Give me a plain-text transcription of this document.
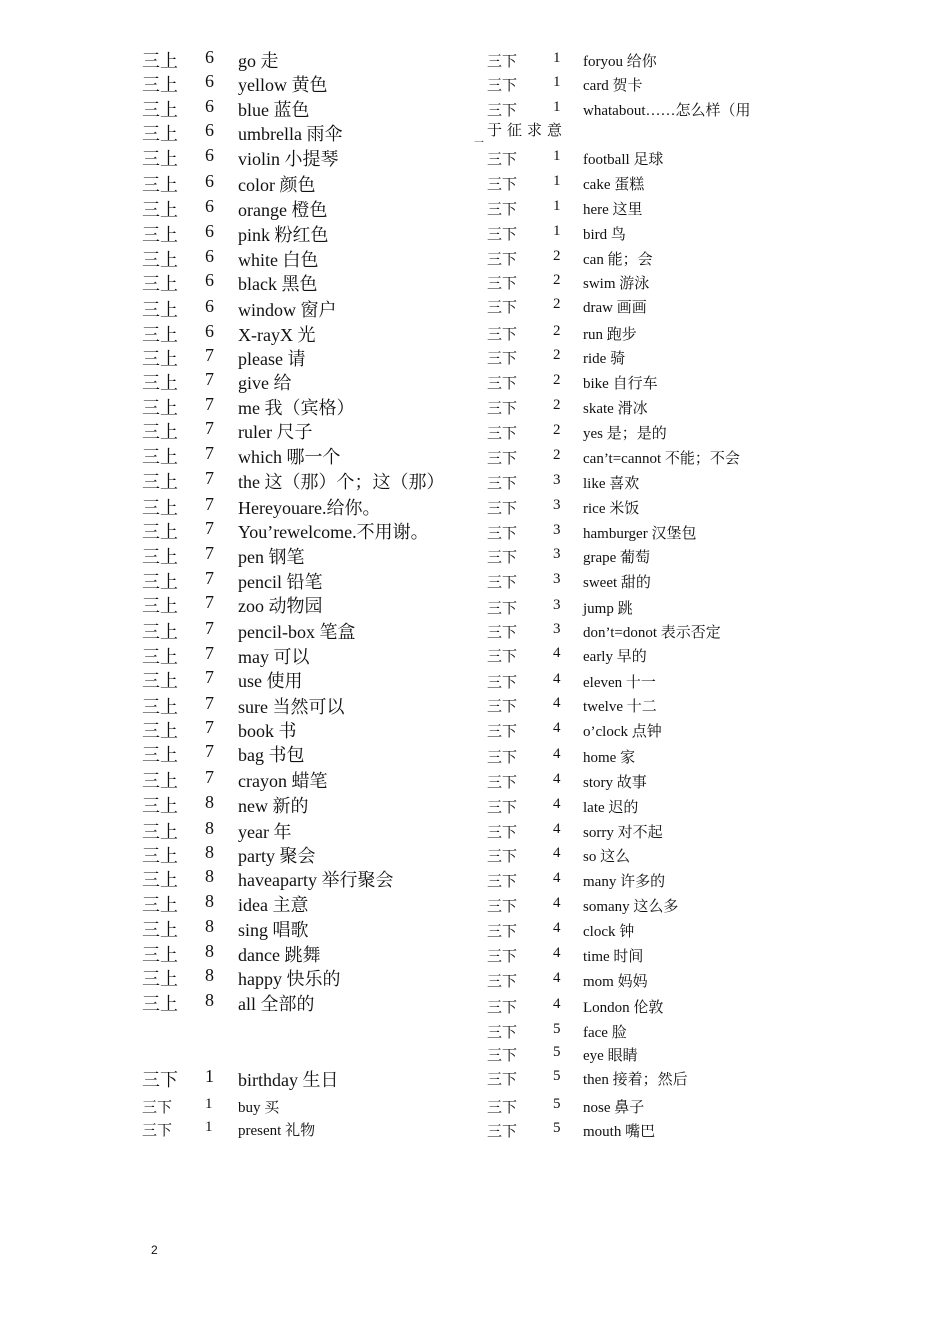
三上 6 go 走
三上 6 yellow 黄色
三上 6 blue 蓝色
三上 6 umbrella 雨伞
三上 6 violin 小提琴
三上 6 color 颜色
三上 6 orange 橙色
三上 6 pink 粉红色
三上 6 white 白色
三上 6 black 黑色
三上 6 window 窗户
三上 6 X-rayX 光
三上 7 please 请
三上 7 give 给
三上 7 me 我（宾格）
三上 7 ruler 尺子
三上 7 which 哪一个
三上 7 the 这（那）个；这（那）
三上 7 Hereyouare.给你。
三上 7 You’rewelcome.不用谢。
三上 7 pen 钢笔
三上 7 pencil 铅笔
三上 7 zoo 动物园
三上 7 pencil-box 笔盒
三上 7 may 可以
三上 7 use 使用
三上 7 sure 当然可以
三上 7 book 书
三上 7 bag 书包
三上 7 crayon 蜡笔
三上 8 new 新的
三上 8 year 年
三上 8 party 聚会
三上 8 haveaparty 举行聚会
三上 8 idea 主意
三上 8 sing 唱歌
三上 8 dance 跳舞
三上 8 happy 快乐的
三上 8 all 全部的
三下 1 birthday 生日
三下 1 buy 买
三下 1 present 礼物
三下 1 foryou 给你
三下 1 card 贺卡
三下 1 whatabout……怎么样（用
三下 1 football 足球
三下 1 cake 蛋糕
三下 1 here 这里
三下 1 bird 鸟
三下 2 can 能；会
三下 2 swim 游泳
三下 2 draw 画画
三下 2 run 跑步
三下 2 ride 骑
三下 2 bike 自行车
三下 2 skate 滑冰
三下 2 yes 是；是的
三下 2 can’t=cannot 不能；不会
三下 3 like 喜欢
三下 3 rice 米饭
三下 3 hamburger 汉堡包
三下 3 grape 葡萄
三下 3 sweet 甜的
三下 3 jump 跳
三下 3 don’t=donot 表示否定
三下 4 early 早的
三下 4 eleven 十一
三下 4 twelve 十二
三下 4 o’clock 点钟
三下 4 home 家
三下 4 story 故事
三下 4 late 迟的
三下 4 sorry 对不起
三下 4 so 这么
三下 4 many 许多的
三下 4 somany 这么多
三下 4 clock 钟
三下 4 time 时间
三下 4 mom 妈妈
三下 4 London 伦敦
三下 5 face 脸
三下 5 eye 眼睛
三下 5 then 接着；然后
三下 5 nose 鼻子
三下 5 mouth 嘴巴
于征求意
一
2
